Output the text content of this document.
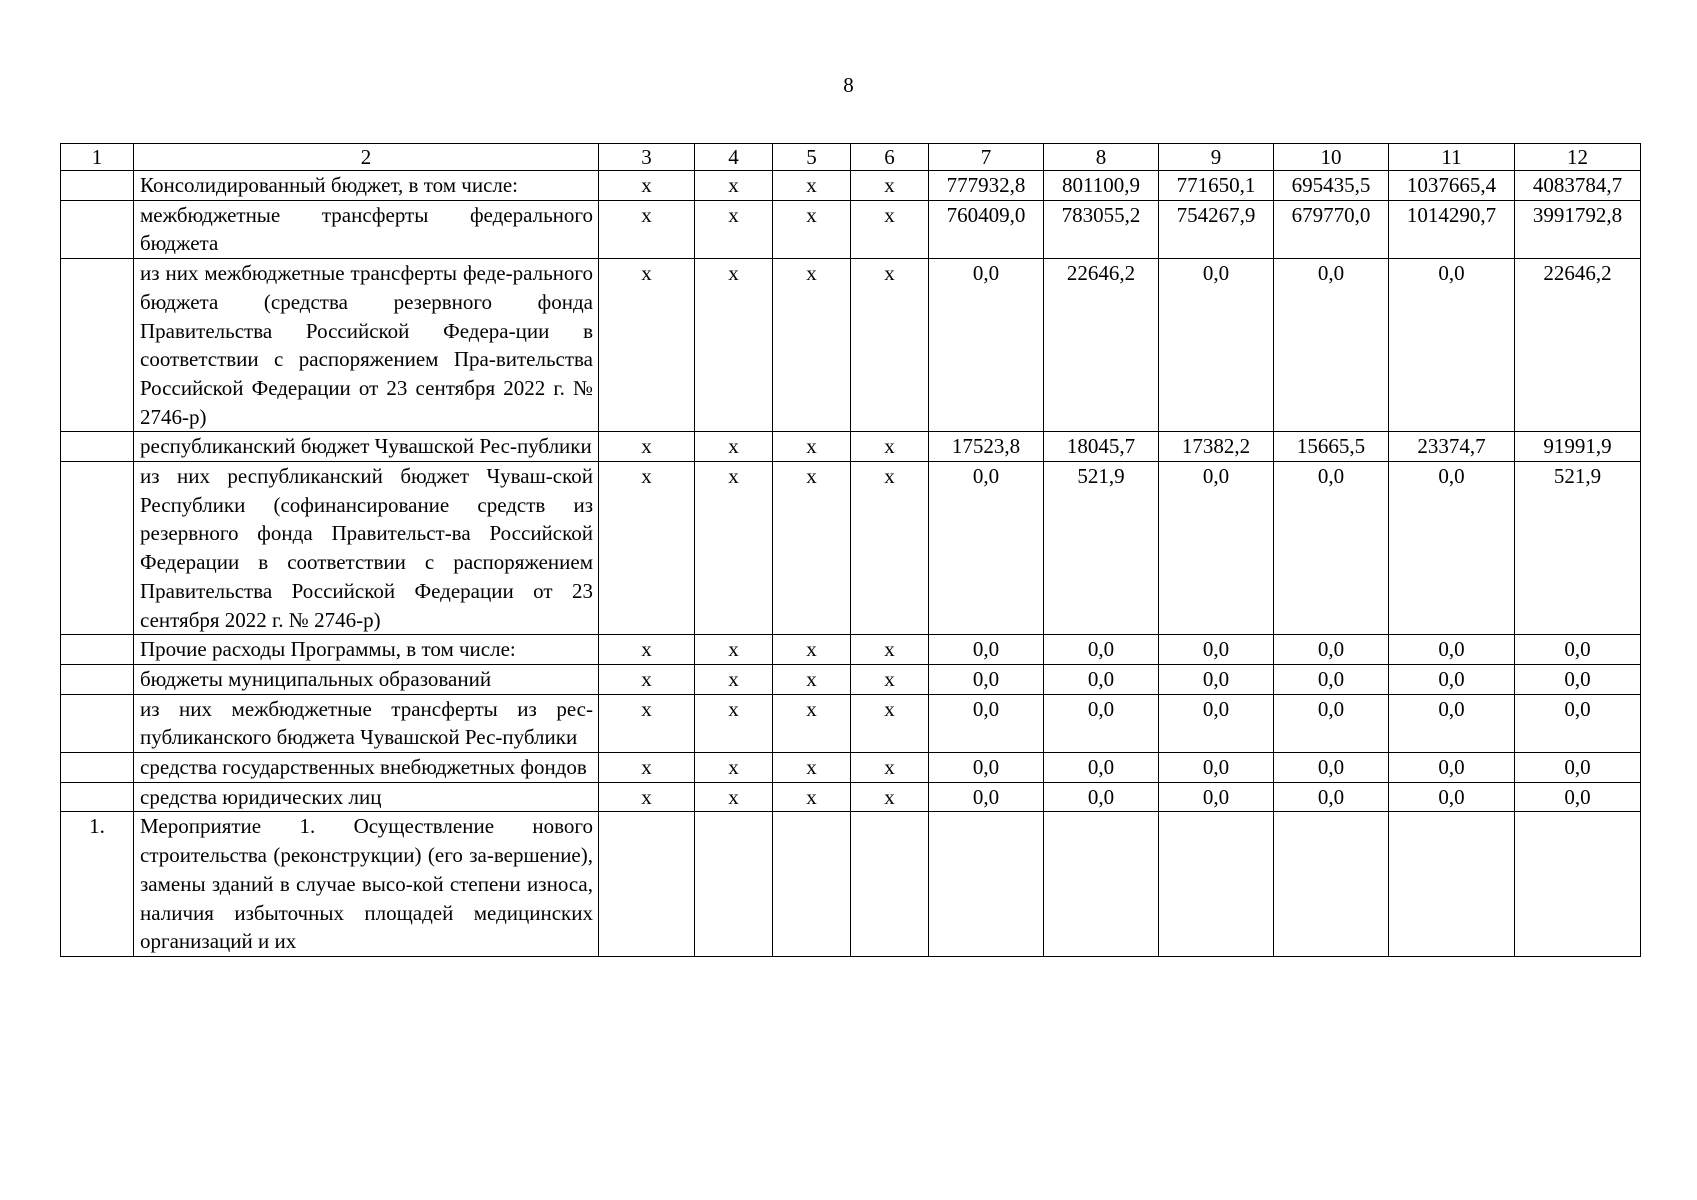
8
1	2	3	4	5	6	7	8	9	10	11	12
	Консолидированный бюджет, в том числе:	х	х	х	х	777932,8	801100,9	771650,1	695435,5	1037665,4	4083784,7
	межбюджетные трансферты федерального бюджета	х	х	х	х	760409,0	783055,2	754267,9	679770,0	1014290,7	3991792,8
	из них межбюджетные трансферты феде-рального бюджета (средства резервного фонда Правительства Российской Федера-ции в соответствии с распоряжением Пра-вительства Российской Федерации от 23 сентября 2022 г. № 2746-р)	х	х	х	х	0,0	22646,2	0,0	0,0	0,0	22646,2
	республиканский бюджет Чувашской Рес-публики	х	х	х	х	17523,8	18045,7	17382,2	15665,5	23374,7	91991,9
	из них республиканский бюджет Чуваш-ской Республики (софинансирование средств из резервного фонда Правительст-ва Российской Федерации в соответствии с распоряжением Правительства Российской Федерации от 23 сентября 2022 г. № 2746-р)	х	х	х	х	0,0	521,9	0,0	0,0	0,0	521,9
	Прочие расходы Программы, в том числе:	х	х	х	х	0,0	0,0	0,0	0,0	0,0	0,0
	бюджеты муниципальных образований	х	х	х	х	0,0	0,0	0,0	0,0	0,0	0,0
	из них межбюджетные трансферты из рес-публиканского бюджета Чувашской Рес-публики	х	х	х	х	0,0	0,0	0,0	0,0	0,0	0,0
	средства государственных внебюджетных фондов	х	х	х	х	0,0	0,0	0,0	0,0	0,0	0,0
	средства юридических лиц	х	х	х	х	0,0	0,0	0,0	0,0	0,0	0,0
1.	Мероприятие 1. Осуществление нового строительства (реконструкции) (его за-вершение), замены зданий в случае высо-кой степени износа, наличия избыточных площадей медицинских организаций и их										
